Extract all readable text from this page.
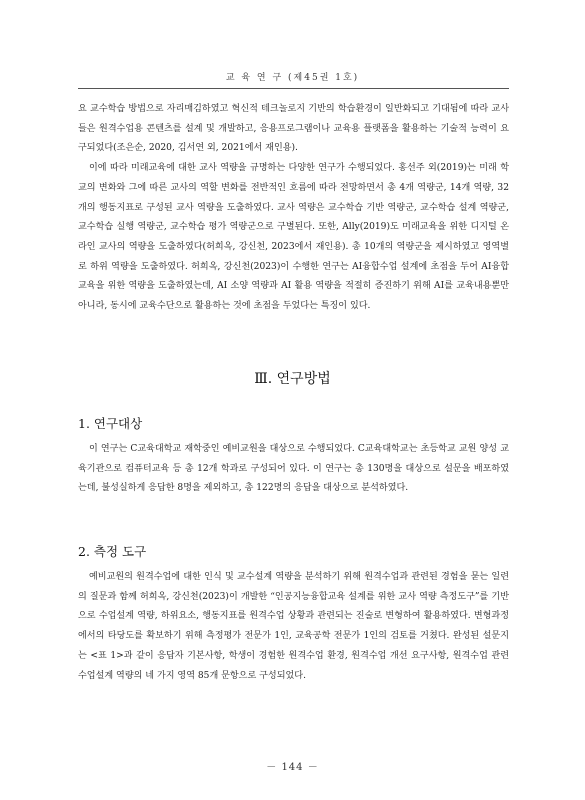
교 육 연 구 (제45권 1호)

요 교수학습 방법으로 자리매김하였고 혁신적 테크놀로지 기반의 학습환경이 일반화되고 기대됨에 따라 교사들은 원격수업용 콘텐츠를 설계 및 개발하고, 응용프로그램이나 교육용 플랫폼을 활용하는 기술적 능력이 요구되었다(조은순, 2020, 김서연 외, 2021에서 재인용).

이에 따라 미래교육에 대한 교사 역량을 규명하는 다양한 연구가 수행되었다. 홍선주 외(2019)는 미래 학교의 변화와 그에 따른 교사의 역할 변화를 전반적인 흐름에 따라 전망하면서 총 4개 역량군, 14개 역량, 32개의 행동지표로 구성된 교사 역량을 도출하였다. 교사 역량은 교수학습 기반 역량군, 교수학습 설계 역량군, 교수학습 실행 역량군, 교수학습 평가 역량군으로 구별된다. 또한, Ally(2019)도 미래교육을 위한 디지털 온라인 교사의 역량을 도출하였다(허희옥, 강신천, 2023에서 재인용). 총 10개의 역량군을 제시하였고 영역별로 하위 역량을 도출하였다. 허희옥, 강신천(2023)이 수행한 연구는 AI융합수업 설계에 초점을 두어 AI융합교육을 위한 역량을 도출하였는데, AI 소양 역량과 AI 활용 역량을 적절히 증진하기 위해 AI를 교육내용뿐만 아니라, 동시에 교육수단으로 활용하는 것에 초점을 두었다는 특징이 있다.

Ⅲ. 연구방법
1. 연구대상

이 연구는 C교육대학교 재학중인 예비교원을 대상으로 수행되었다. C교육대학교는 초등학교 교원 양성 교육기관으로 컴퓨터교육 등 총 12개 학과로 구성되어 있다. 이 연구는 총 130명을 대상으로 설문을 배포하였는데, 불성실하게 응답한 8명을 제외하고, 총 122명의 응답을 대상으로 분석하였다.

2. 측정 도구

예비교원의 원격수업에 대한 인식 및 교수설계 역량을 분석하기 위해 원격수업과 관련된 경험을 묻는 일련의 질문과 함께 허희옥, 강신천(2023)이 개발한 “인공지능융합교육 설계를 위한 교사 역량 측정도구”를 기반으로 수업설계 역량, 하위요소, 행동지표를 원격수업 상황과 관련되는 진술로 변형하여 활용하였다. 변형과정에서의 타당도를 확보하기 위해 측정평가 전문가 1인, 교육공학 전문가 1인의 검토를 거쳤다. 완성된 설문지는 <표 1>과 같이 응답자 기본사항, 학생이 경험한 원격수업 환경, 원격수업 개선 요구사항, 원격수업 관련 수업설계 역량의 네 가지 영역 85개 문항으로 구성되었다.

－ 144 －
